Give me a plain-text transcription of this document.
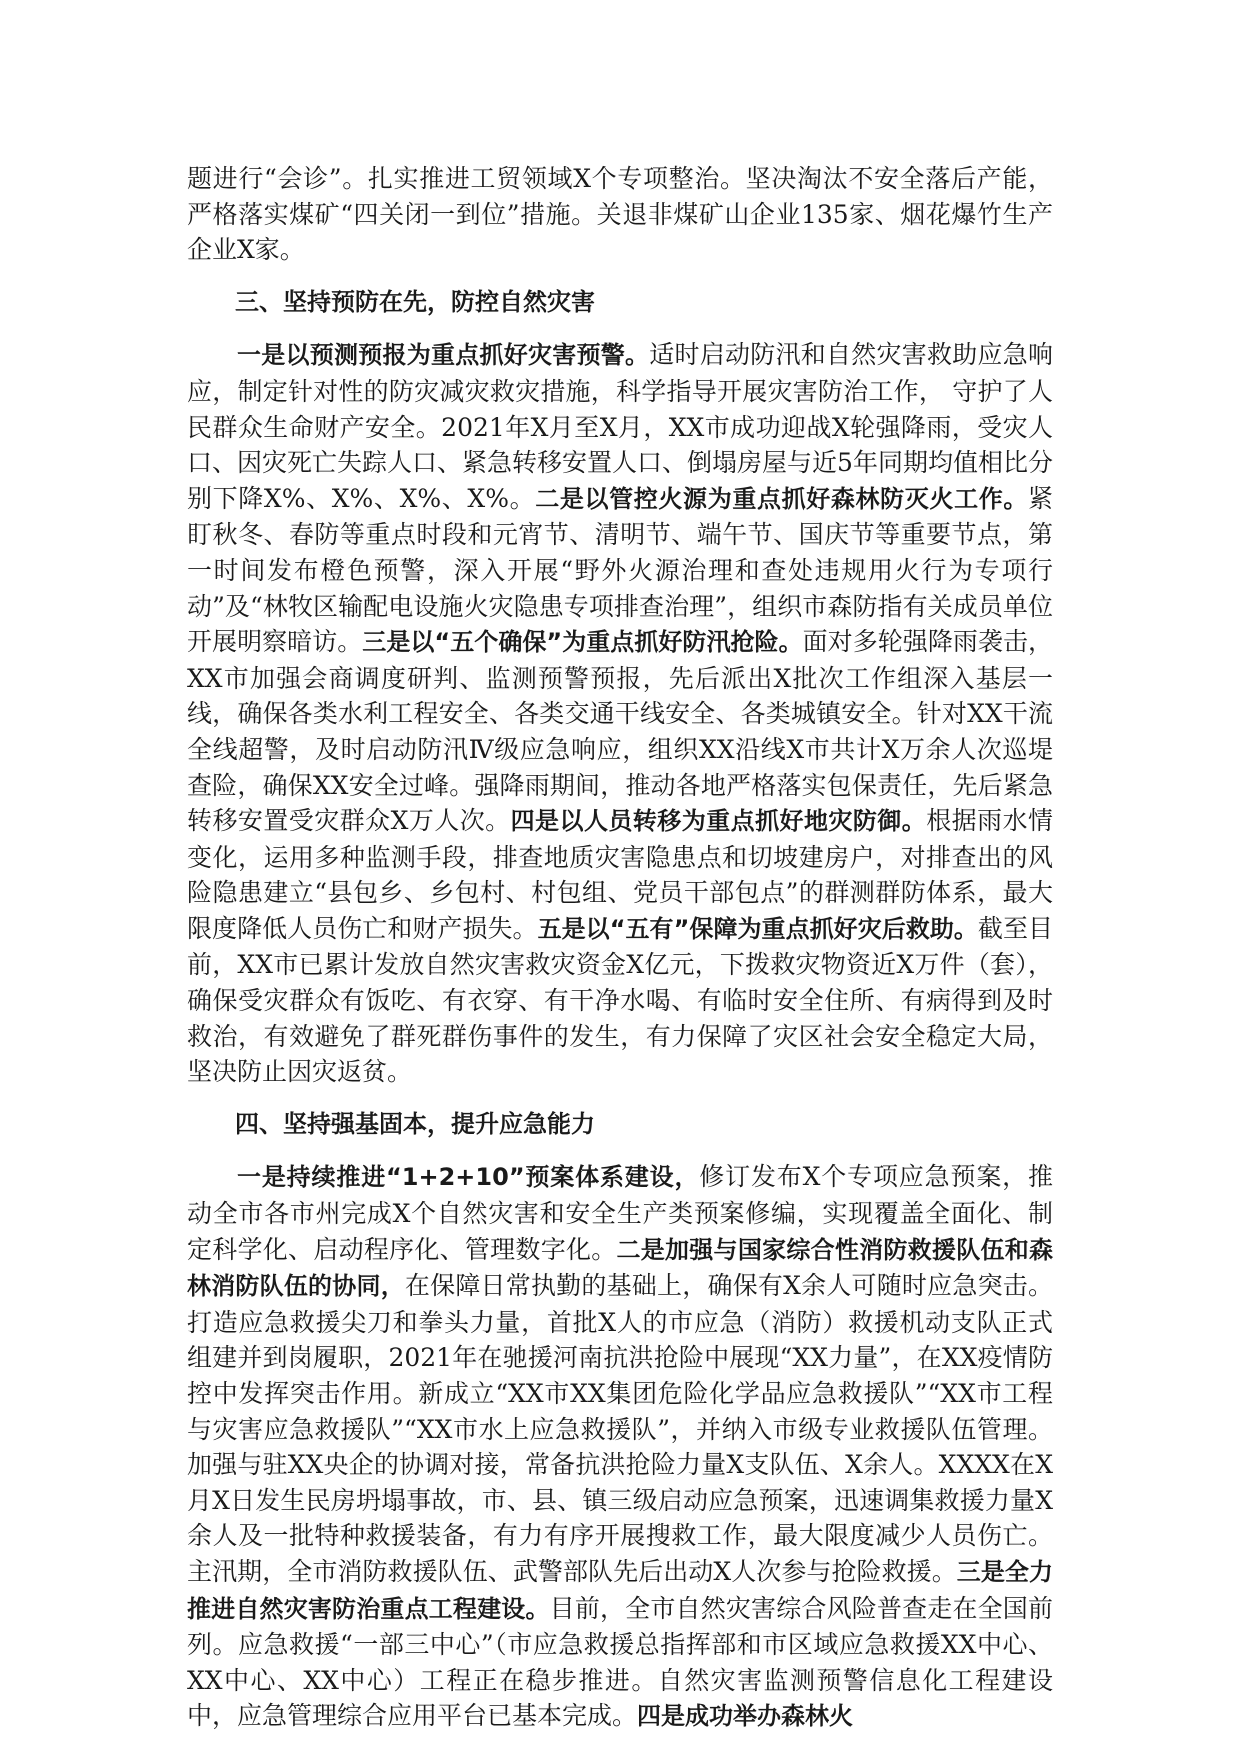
题进行“会诊”。扎实推进工贸领域X个专项整治。坚决淘汰不安全落后产能，严格落实煤矿“四关闭一到位”措施。关退非煤矿山企业135家、烟花爆竹生产企业X家。

三、坚持预防在先，防控自然灾害

一是以预测预报为重点抓好灾害预警。适时启动防汛和自然灾害救助应急响应，制定针对性的防灾减灾救灾措施，科学指导开展灾害防治工作， 守护了人民群众生命财产安全。2021年X月至X月，XX市成功迎战X轮强降雨，受灾人口、因灾死亡失踪人口、紧急转移安置人口、倒塌房屋与近5年同期均值相比分别下降X%、X%、X%、X%。二是以管控火源为重点抓好森林防灭火工作。紧盯秋冬、春防等重点时段和元宵节、清明节、端午节、国庆节等重要节点，第一时间发布橙色预警，深入开展“野外火源治理和查处违规用火行为专项行动”及“林牧区输配电设施火灾隐患专项排查治理”，组织市森防指有关成员单位开展明察暗访。三是以“五个确保”为重点抓好防汛抢险。面对多轮强降雨袭击，XX市加强会商调度研判、监测预警预报，先后派出X批次工作组深入基层一线，确保各类水利工程安全、各类交通干线安全、各类城镇安全。针对XX干流全线超警，及时启动防汛Ⅳ级应急响应，组织XX沿线X市共计X万余人次巡堤查险，确保XX安全过峰。强降雨期间，推动各地严格落实包保责任，先后紧急转移安置受灾群众X万人次。四是以人员转移为重点抓好地灾防御。根据雨水情变化，运用多种监测手段，排查地质灾害隐患点和切坡建房户，对排查出的风险隐患建立“县包乡、乡包村、村包组、党员干部包点”的群测群防体系，最大限度降低人员伤亡和财产损失。五是以“五有”保障为重点抓好灾后救助。截至目前，XX市已累计发放自然灾害救灾资金X亿元，下拨救灾物资近X万件（套），确保受灾群众有饭吃、有衣穿、有干净水喝、有临时安全住所、有病得到及时救治，有效避免了群死群伤事件的发生，有力保障了灾区社会安全稳定大局，坚决防止因灾返贫。

四、坚持强基固本，提升应急能力

一是持续推进“1+2+10”预案体系建设，修订发布X个专项应急预案，推动全市各市州完成X个自然灾害和安全生产类预案修编，实现覆盖全面化、制定科学化、启动程序化、管理数字化。二是加强与国家综合性消防救援队伍和森林消防队伍的协同，在保障日常执勤的基础上，确保有X余人可随时应急突击。打造应急救援尖刀和拳头力量，首批X人的市应急（消防）救援机动支队正式组建并到岗履职，2021年在驰援河南抗洪抢险中展现“XX力量”，在XX疫情防控中发挥突击作用。新成立“XX市XX集团危险化学品应急救援队”“XX市工程与灾害应急救援队”“XX市水上应急救援队”，并纳入市级专业救援队伍管理。加强与驻XX央企的协调对接，常备抗洪抢险力量X支队伍、X余人。XXXX在X月X日发生民房坍塌事故，市、县、镇三级启动应急预案，迅速调集救援力量X余人及一批特种救援装备，有力有序开展搜救工作，最大限度减少人员伤亡。主汛期，全市消防救援队伍、武警部队先后出动X人次参与抢险救援。三是全力推进自然灾害防治重点工程建设。目前，全市自然灾害综合风险普查走在全国前列。应急救援“一部三中心”（市应急救援总指挥部和市区域应急救援XX中心、XX中心、XX中心）工程正在稳步推进。自然灾害监测预警信息化工程建设中，应急管理综合应用平台已基本完成。四是成功举办森林火
